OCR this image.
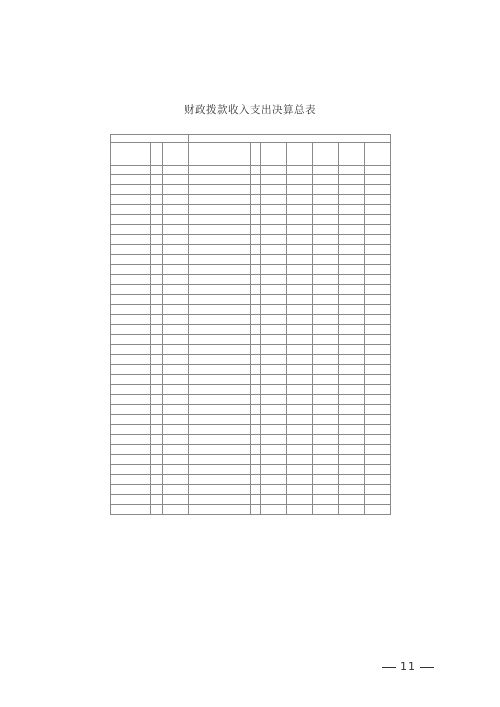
财政拨款收入支出决算总表

11
